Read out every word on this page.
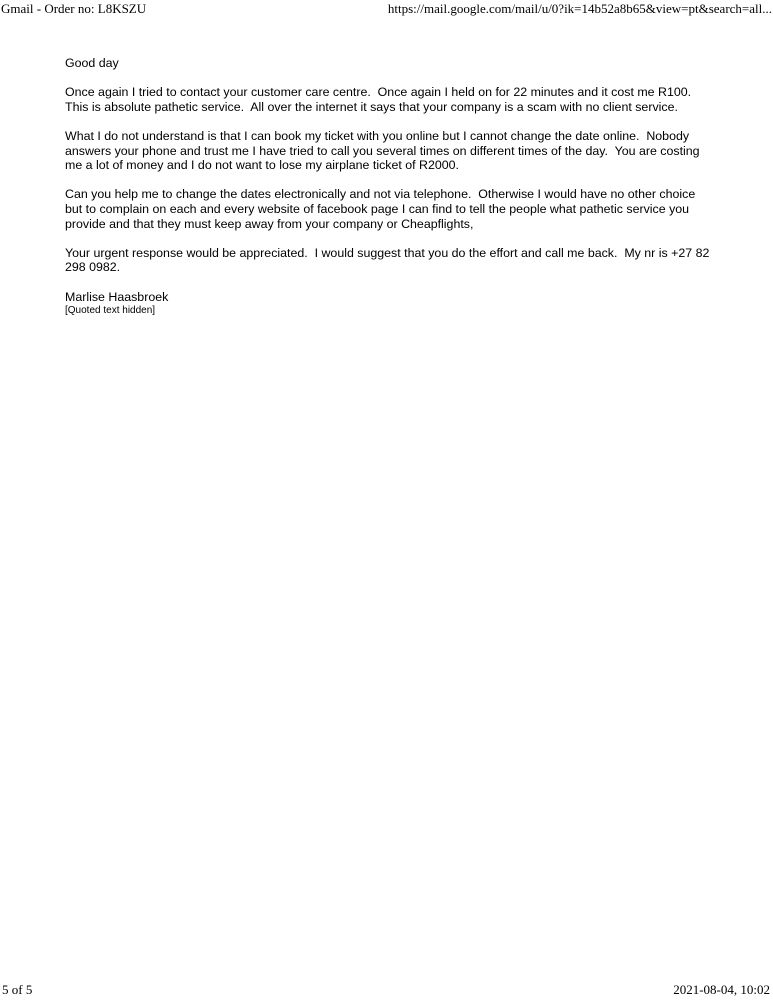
Gmail - Order no: L8KSZU	https://mail.google.com/mail/u/0?ik=14b52a8b65&view=pt&search=all...

Good day

Once again I tried to contact your customer care centre.  Once again I held on for 22 minutes and it cost me R100. This is absolute pathetic service.  All over the internet it says that your company is a scam with no client service.

What I do not understand is that I can book my ticket with you online but I cannot change the date online.  Nobody answers your phone and trust me I have tried to call you several times on different times of the day.  You are costing me a lot of money and I do not want to lose my airplane ticket of R2000.

Can you help me to change the dates electronically and not via telephone.  Otherwise I would have no other choice but to complain on each and every website of facebook page I can find to tell the people what pathetic service you provide and that they must keep away from your company or Cheapflights,

Your urgent response would be appreciated.  I would suggest that you do the effort and call me back.  My nr is +27 82 298 0982.

Marlise Haasbroek

[Quoted text hidden]
5 of 5	2021-08-04, 10:02
